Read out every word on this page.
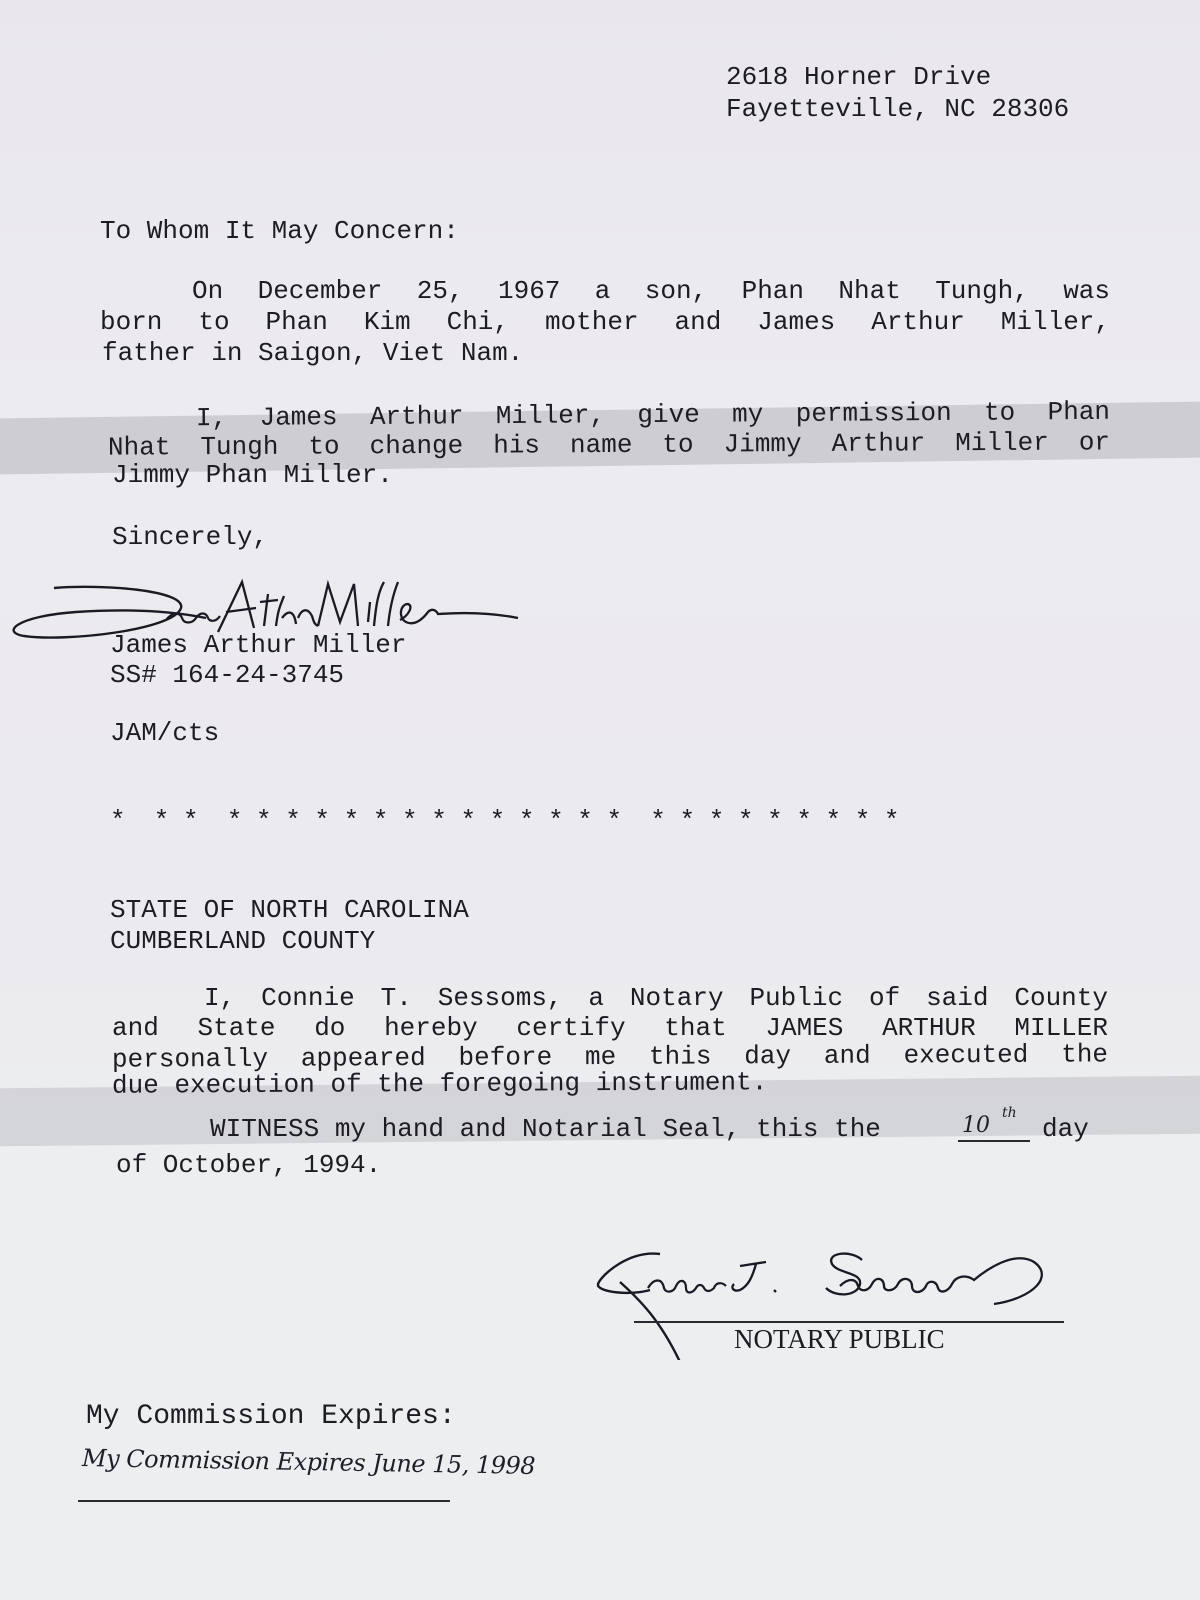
2618 Horner Drive
Fayetteville, NC 28306
To Whom It May Concern:
On December 25, 1967 a son, Phan Nhat Tungh, was
born to Phan Kim Chi, mother and James Arthur Miller,
father in Saigon, Viet Nam.
I, James Arthur Miller, give my permission to Phan
Nhat Tungh to change his name to Jimmy Arthur Miller or
Jimmy Phan Miller.
Sincerely,
James Arthur Miller
SS# 164-24-3745
JAM/cts
*  * *  * * * * * * * * * * * * * *  * * * * * * * * *
STATE OF NORTH CAROLINA
CUMBERLAND COUNTY
I, Connie T. Sessoms, a Notary Public of said County
and State do hereby certify that JAMES ARTHUR MILLER
personally appeared before me this day and executed the
due execution of the foregoing instrument.
WITNESS my hand and Notarial Seal, this the	10 th
day
of October, 1994.
NOTARY PUBLIC
My Commission Expires:
My Commission Expires June 15, 1998
